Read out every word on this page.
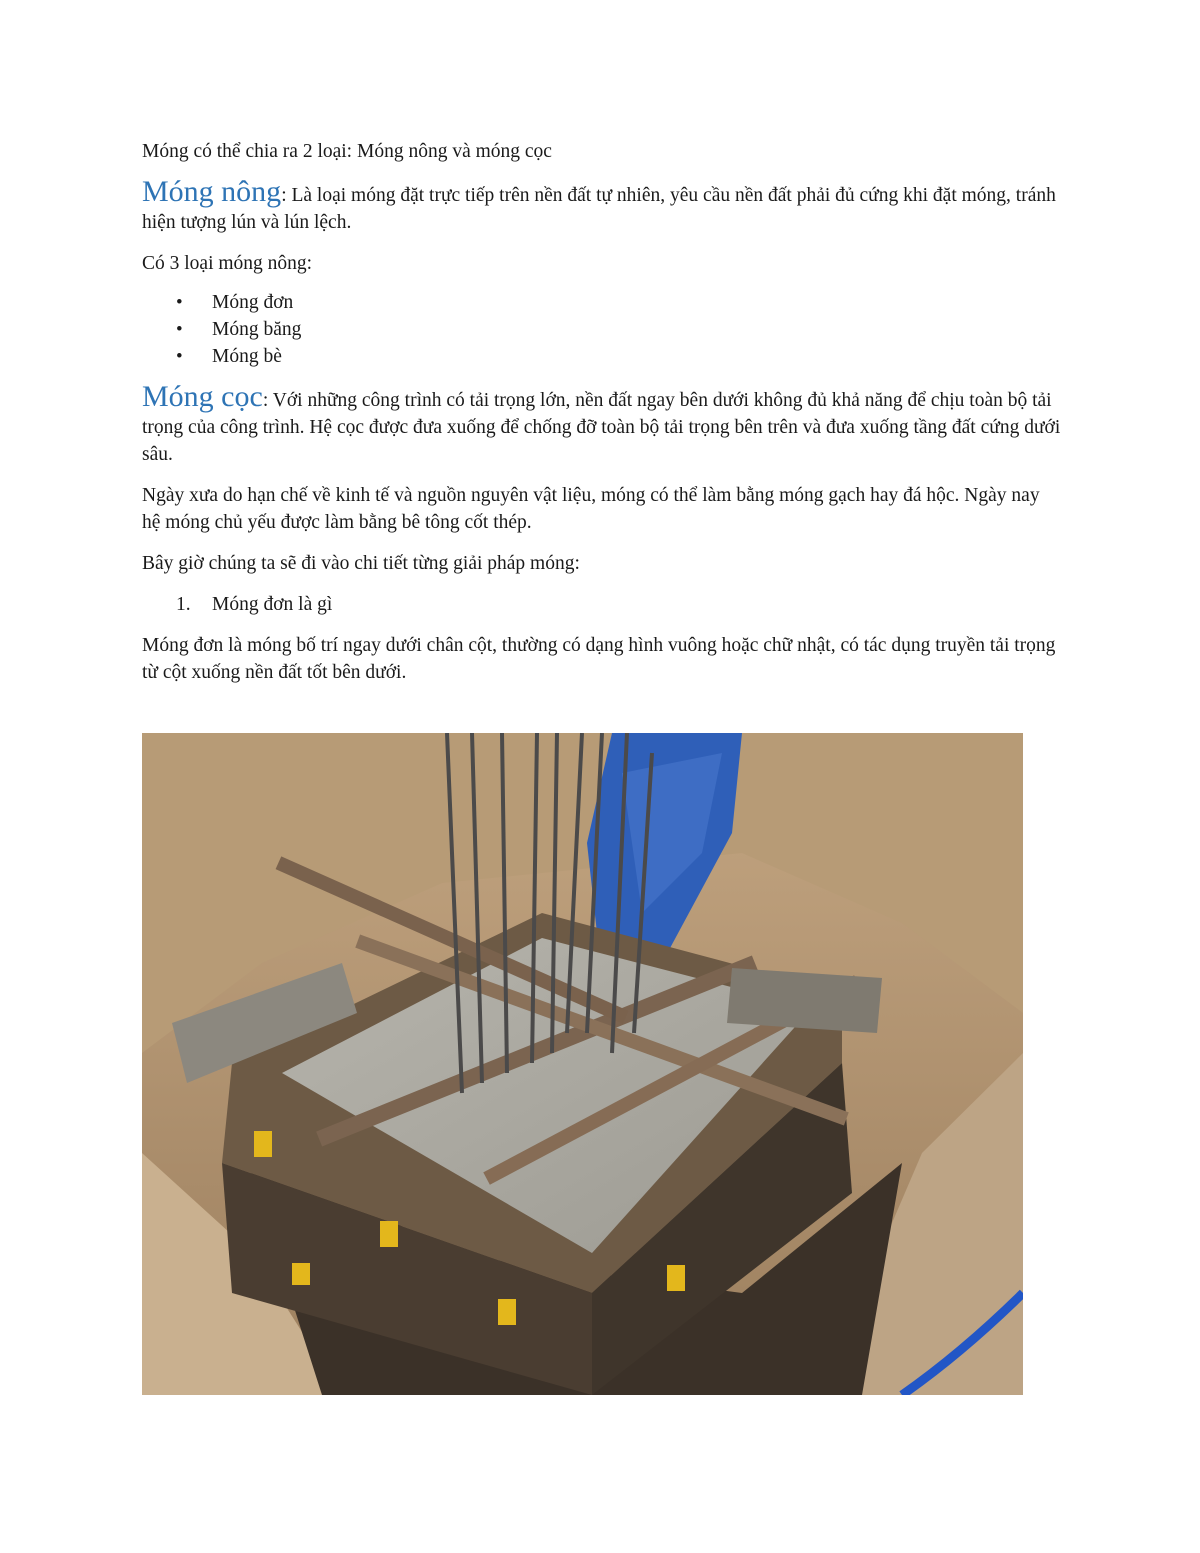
Móng có thể chia ra 2 loại: Móng nông và móng cọc

Móng nông: Là loại móng đặt trực tiếp trên nền đất tự nhiên, yêu cầu nền đất phải đủ cứng khi đặt móng, tránh hiện tượng lún và lún lệch.

Có 3 loại móng nông:

• Móng đơn
• Móng băng
• Móng bè

Móng cọc: Với những công trình có tải trọng lớn, nền đất ngay bên dưới không đủ khả năng để chịu toàn bộ tải trọng của công trình. Hệ cọc được đưa xuống để chống đỡ toàn bộ tải trọng bên trên và đưa xuống tầng đất cứng dưới sâu.

Ngày xưa do hạn chế về kinh tế và nguồn nguyên vật liệu, móng có thể làm bằng móng gạch hay đá hộc. Ngày nay hệ móng chủ yếu được làm bằng bê tông cốt thép.

Bây giờ chúng ta sẽ đi vào chi tiết từng giải pháp móng:

1. Móng đơn là gì

Móng đơn là móng bố trí ngay dưới chân cột, thường có dạng hình vuông hoặc chữ nhật, có tác dụng truyền tải trọng từ cột xuống nền đất tốt bên dưới.
